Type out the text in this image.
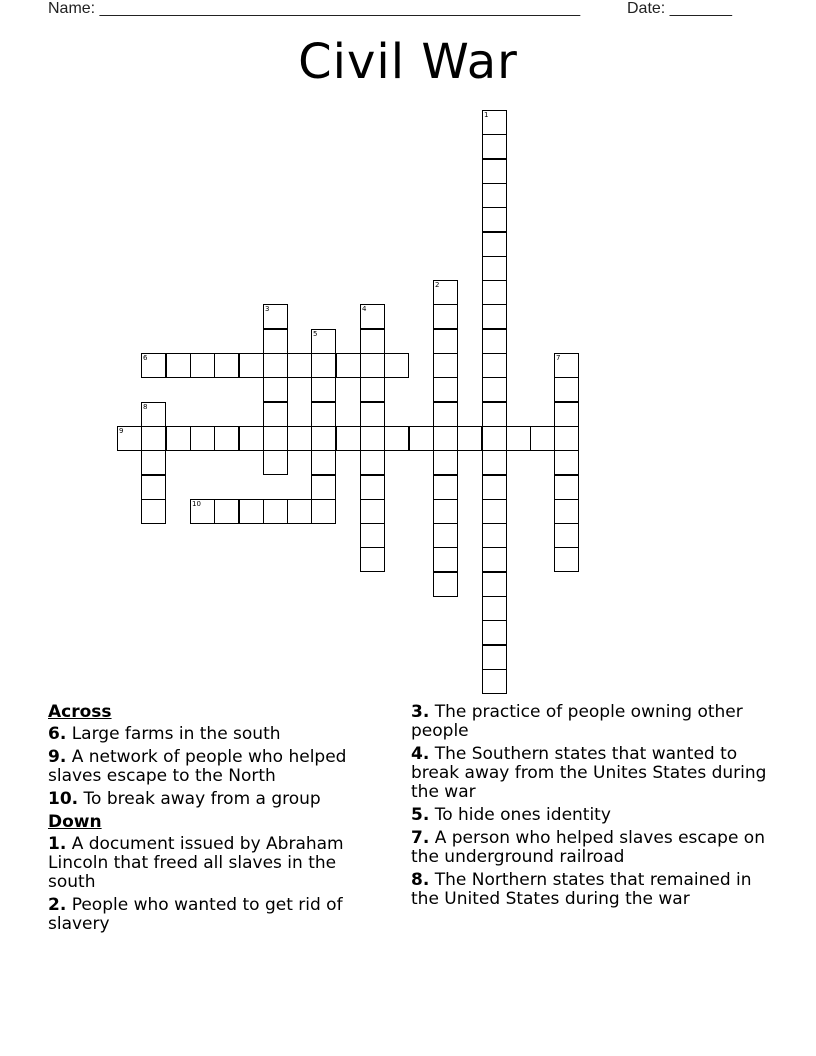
Name: ______________________________________________________	Date: _______
Civil War
1
2
3	4
5
6	7
8
9
10
Across
6. Large farms in the south
9. A network of people who helped slaves escape to the North
10. To break away from a group
Down
1. A document issued by Abraham Lincoln that freed all slaves in the south
2. People who wanted to get rid of slavery
3. The practice of people owning other people
4. The Southern states that wanted to break away from the Unites States during the war
5. To hide ones identity
7. A person who helped slaves escape on the underground railroad
8. The Northern states that remained in the United States during the war
